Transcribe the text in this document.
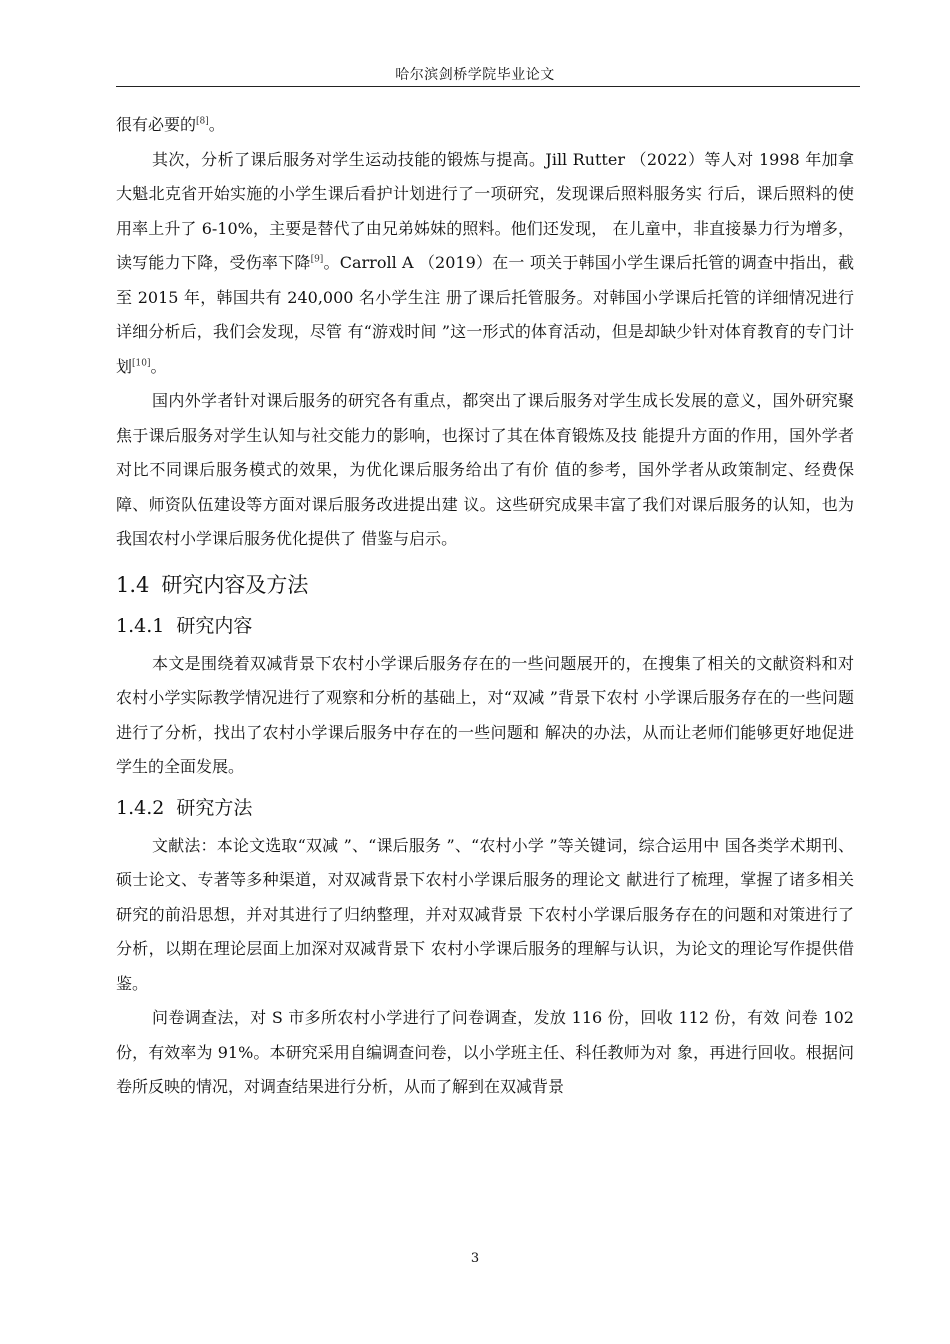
哈尔滨剑桥学院毕业论文

很有必要的[8]。

其次，分析了课后服务对学生运动技能的锻炼与提高。Jill Rutter （2022）等人对 1998 年加拿大魁北克省开始实施的小学生课后看护计划进行了一项研究，发现课后照料服务实 行后，课后照料的使用率上升了 6-10%，主要是替代了由兄弟姊妹的照料。他们还发现， 在儿童中，非直接暴力行为增多，读写能力下降，受伤率下降[9]。Carroll A （2019）在一 项关于韩国小学生课后托管的调查中指出，截至 2015 年，韩国共有 240,000 名小学生注 册了课后托管服务。对韩国小学课后托管的详细情况进行详细分析后，我们会发现，尽管 有“游戏时间 ”这一形式的体育活动，但是却缺少针对体育教育的专门计划[10]。

国内外学者针对课后服务的研究各有重点，都突出了课后服务对学生成长发展的意义，国外研究聚焦于课后服务对学生认知与社交能力的影响，也探讨了其在体育锻炼及技 能提升方面的作用，国外学者对比不同课后服务模式的效果，为优化课后服务给出了有价 值的参考，国外学者从政策制定、经费保障、师资队伍建设等方面对课后服务改进提出建 议。这些研究成果丰富了我们对课后服务的认知，也为我国农村小学课后服务优化提供了 借鉴与启示。

1.4 研究内容及方法
1.4.1 研究内容

本文是围绕着双减背景下农村小学课后服务存在的一些问题展开的，在搜集了相关的文献资料和对农村小学实际教学情况进行了观察和分析的基础上，对“双减 ”背景下农村 小学课后服务存在的一些问题进行了分析，找出了农村小学课后服务中存在的一些问题和 解决的办法，从而让老师们能够更好地促进学生的全面发展。

1.4.2 研究方法

文献法：本论文选取“双减 ”、“课后服务 ”、“农村小学 ”等关键词，综合运用中 国各类学术期刊、硕士论文、专著等多种渠道，对双减背景下农村小学课后服务的理论文 献进行了梳理，掌握了诸多相关研究的前沿思想，并对其进行了归纳整理，并对双减背景 下农村小学课后服务存在的问题和对策进行了分析，以期在理论层面上加深对双减背景下 农村小学课后服务的理解与认识，为论文的理论写作提供借鉴。

问卷调查法，对 S 市多所农村小学进行了问卷调查，发放 116 份，回收 112 份，有效 问卷 102 份，有效率为 91%。本研究采用自编调查问卷，以小学班主任、科任教师为对 象，再进行回收。根据问卷所反映的情况，对调查结果进行分析，从而了解到在双减背景

3
